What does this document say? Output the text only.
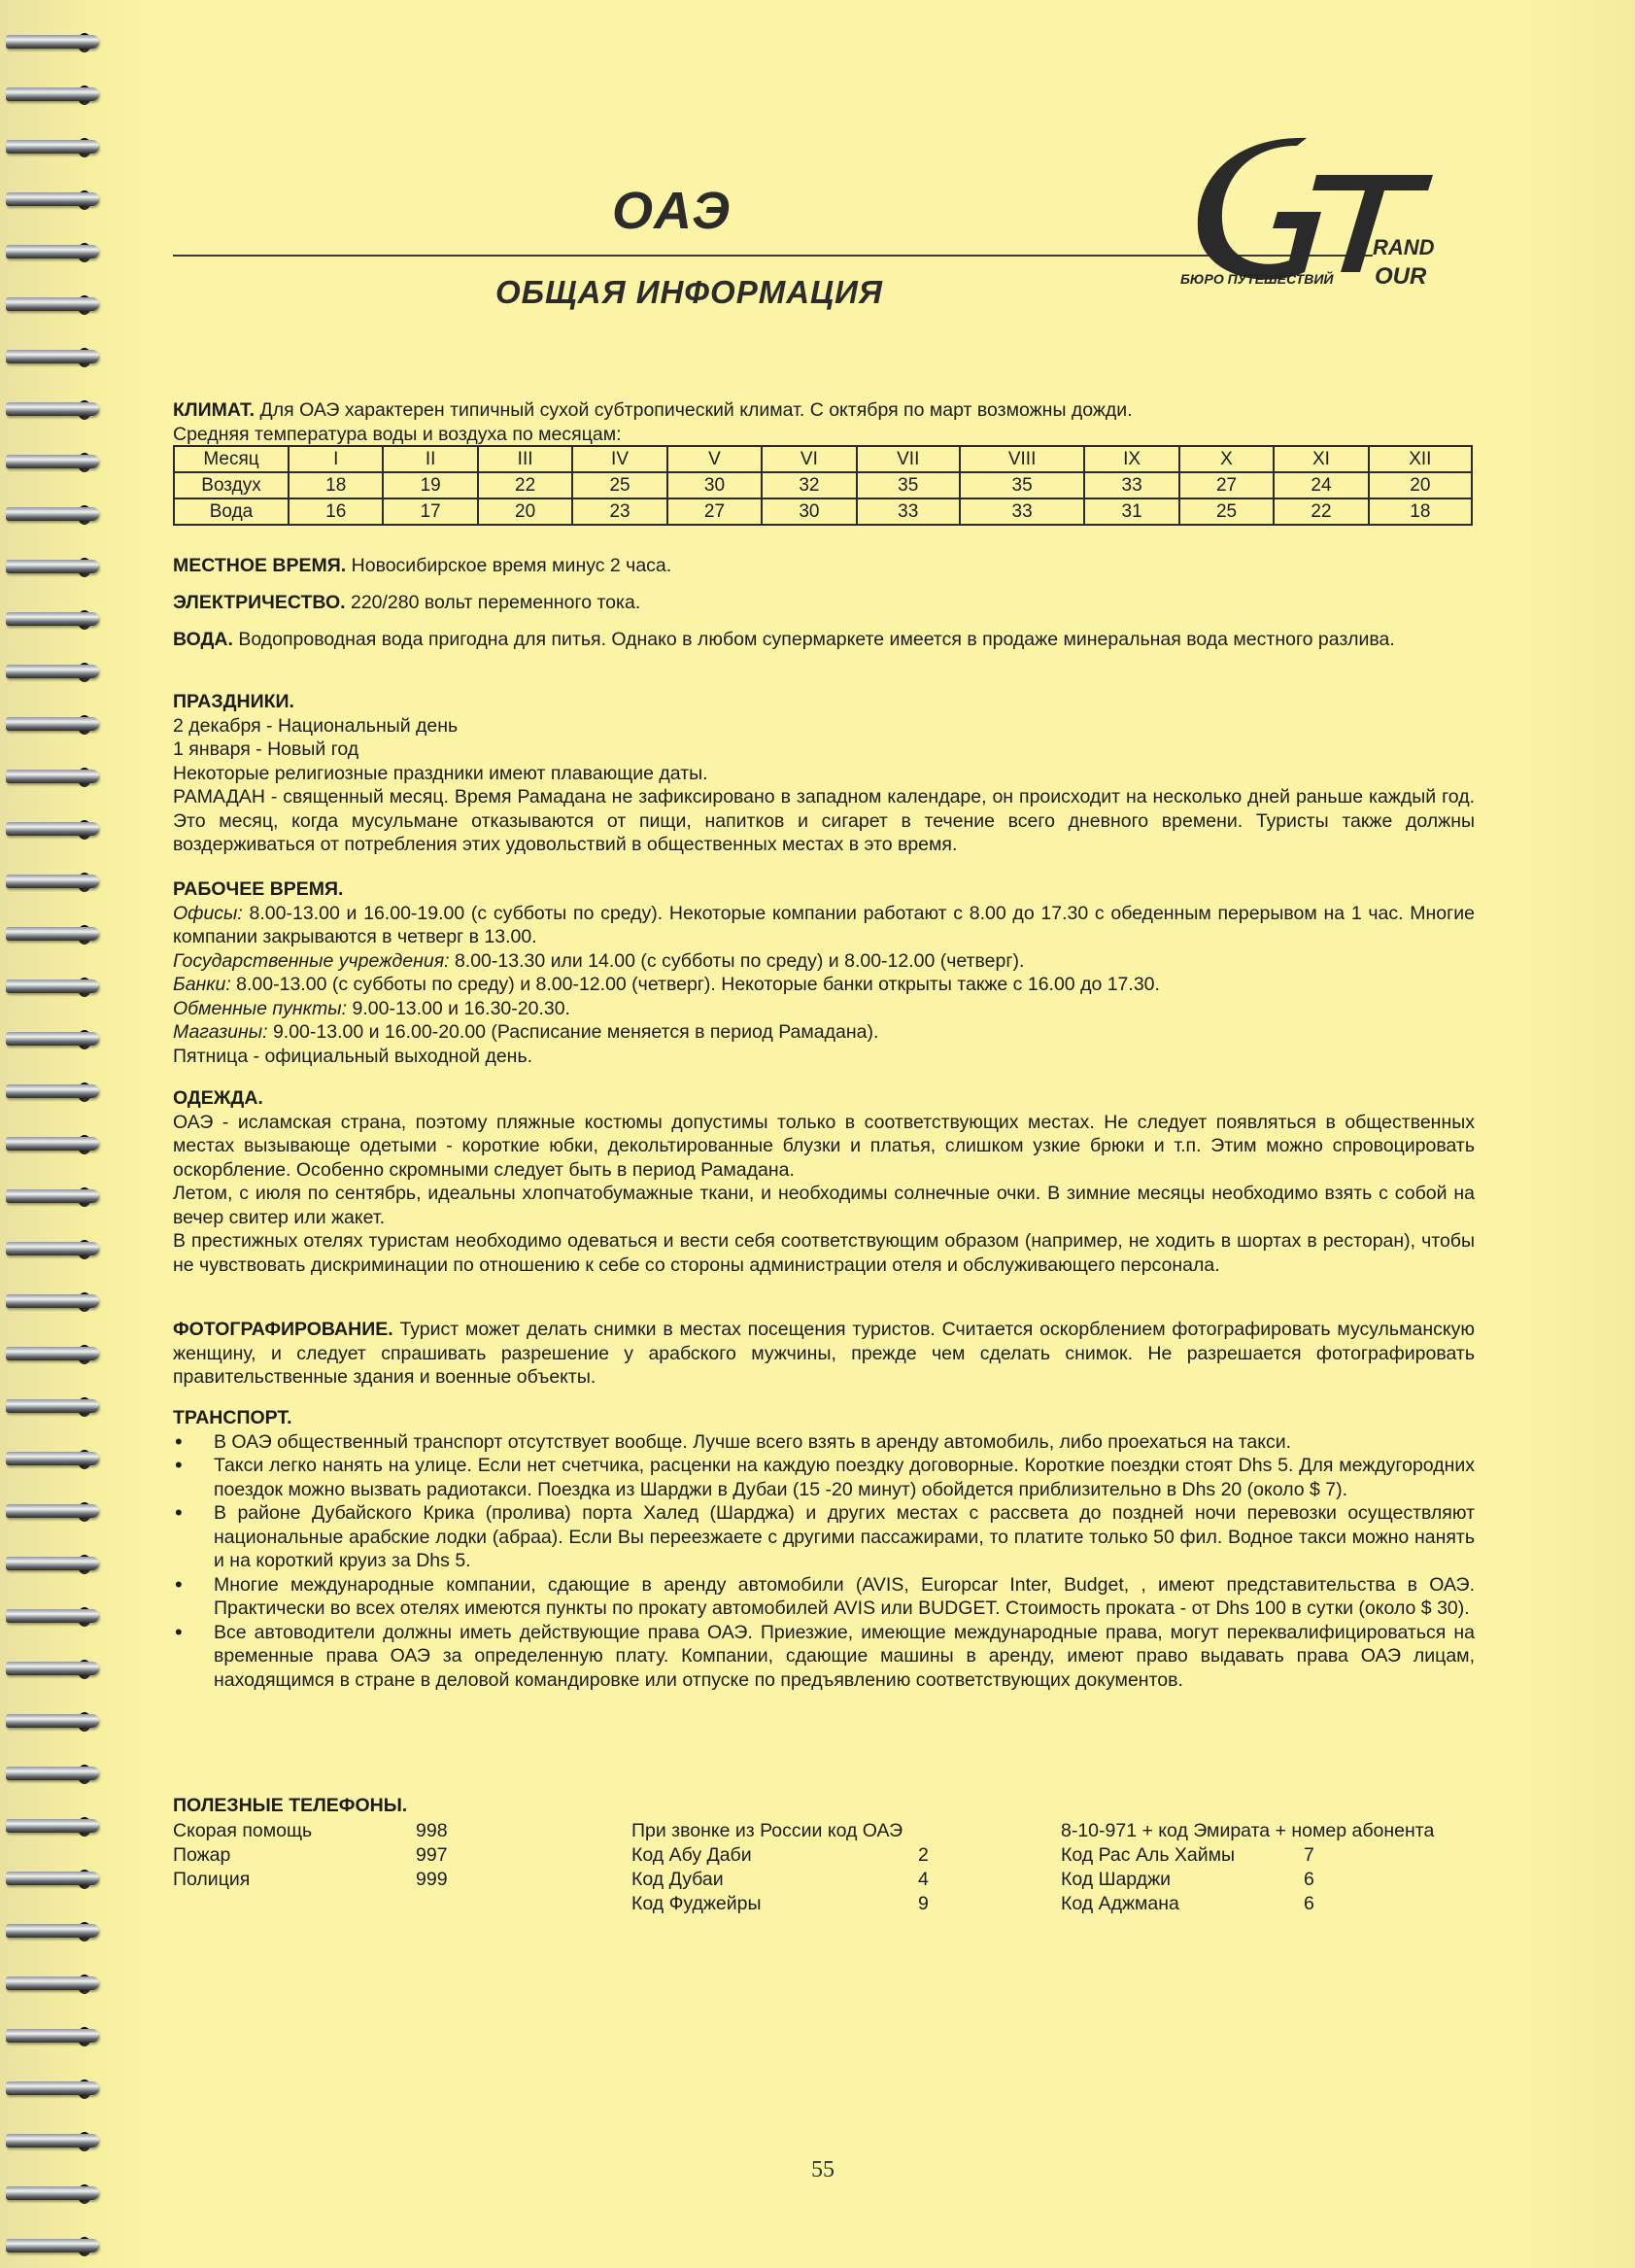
ОАЭ
ОБЩАЯ ИНФОРМАЦИЯ
RAND
OUR
БЮРО ПУТЕШЕСТВИЙ

КЛИМАТ. Для ОАЭ характерен типичный сухой субтропический климат. С октября по март возможны дожди.

Средняя температура воды и воздуха по месяцам:

Месяц	I	II	III	IV	V	VI	VII	VIII	IX	X	XI	XII
Воздух	18	19	22	25	30	32	35	35	33	27	24	20
Вода	16	17	20	23	27	30	33	33	31	25	22	18

МЕСТНОЕ ВРЕМЯ. Новосибирское время минус 2 часа.

ЭЛЕКТРИЧЕСТВО. 220/280 вольт переменного тока.

ВОДА. Водопроводная вода пригодна для питья. Однако в любом супермаркете имеется в продаже минеральная вода местного разлива.

ПРАЗДНИКИ.

2 декабря - Национальный день

1 января - Новый год

Некоторые религиозные праздники имеют плавающие даты.

РАМАДАН - священный месяц. Время Рамадана не зафиксировано в западном календаре, он происходит на несколько дней раньше каждый год. Это месяц, когда мусульмане отказываются от пищи, напитков и сигарет в течение всего дневного времени. Туристы также должны воздерживаться от потребления этих удовольствий в общественных местах в это время.

РАБОЧЕЕ ВРЕМЯ.

Офисы: 8.00-13.00 и 16.00-19.00 (с субботы по среду). Некоторые компании работают с 8.00 до 17.30 с обеденным перерывом на 1 час. Многие компании закрываются в четверг в 13.00.

Государственные учреждения: 8.00-13.30 или 14.00 (с субботы по среду) и 8.00-12.00 (четверг).

Банки: 8.00-13.00 (с субботы по среду) и 8.00-12.00 (четверг). Некоторые банки открыты также с 16.00 до 17.30.

Обменные пункты: 9.00-13.00 и 16.30-20.30.

Магазины: 9.00-13.00 и 16.00-20.00 (Расписание меняется в период Рамадана).

Пятница - официальный выходной день.

ОДЕЖДА.

ОАЭ - исламская страна, поэтому пляжные костюмы допустимы только в соответствующих местах. Не следует появляться в общественных местах вызывающе одетыми - короткие юбки, декольтированные блузки и платья, слишком узкие брюки и т.п. Этим можно спровоцировать оскорбление. Особенно скромными следует быть в период Рамадана.

Летом, с июля по сентябрь, идеальны хлопчатобумажные ткани, и необходимы солнечные очки. В зимние месяцы необходимо взять с собой на вечер свитер или жакет.

В престижных отелях туристам необходимо одеваться и вести себя соответствующим образом (например, не ходить в шортах в ресторан), чтобы не чувствовать дискриминации по отношению к себе со стороны администрации отеля и обслуживающего персонала.

ФОТОГРАФИРОВАНИЕ. Турист может делать снимки в местах посещения туристов. Считается оскорблением фотографировать мусульманскую женщину, и следует спрашивать разрешение у арабского мужчины, прежде чем сделать снимок. Не разрешается фотографировать правительственные здания и военные объекты.

ТРАНСПОРТ.

• В ОАЭ общественный транспорт отсутствует вообще. Лучше всего взять в аренду автомобиль, либо проехаться на такси.
• Такси легко нанять на улице. Если нет счетчика, расценки на каждую поездку договорные. Короткие поездки стоят Dhs 5. Для междугородних поездок можно вызвать радиотакси. Поездка из Шарджи в Дубаи (15 -20 минут) обойдется приблизительно в Dhs 20 (около $ 7).
• В районе Дубайского Крика (пролива) порта Халед (Шарджа) и других местах с рассвета до поздней ночи перевозки осуществляют национальные арабские лодки (абраа). Если Вы переезжаете с другими пассажирами, то платите только 50 фил. Водное такси можно нанять и на короткий круиз за Dhs 5.
• Многие международные компании, сдающие в аренду автомобили (AVIS, Europcar Inter, Budget, , имеют представительства в ОАЭ. Практически во всех отелях имеются пункты по прокату автомобилей AVIS или BUDGET. Стоимость проката - от Dhs 100 в сутки (около $ 30).
• Все автоводители должны иметь действующие права ОАЭ. Приезжие, имеющие международные права, могут переквалифицироваться на временные права ОАЭ за определенную плату. Компании, сдающие машины в аренду, имеют право выдавать права ОАЭ лицам, находящимся в стране в деловой командировке или отпуске по предъявлению соответствующих документов.

ПОЛЕЗНЫЕ ТЕЛЕФОНЫ.

Скорая помощь	998
Пожар	997
Полиция	999
При звонке из России код ОАЭ
Код Абу Даби	2
Код Дубаи	4
Код Фуджейры	9
8-10-971 + код Эмирата + номер абонента
Код Рас Аль Хаймы	7
Код Шарджи	6
Код Аджмана	6
55
